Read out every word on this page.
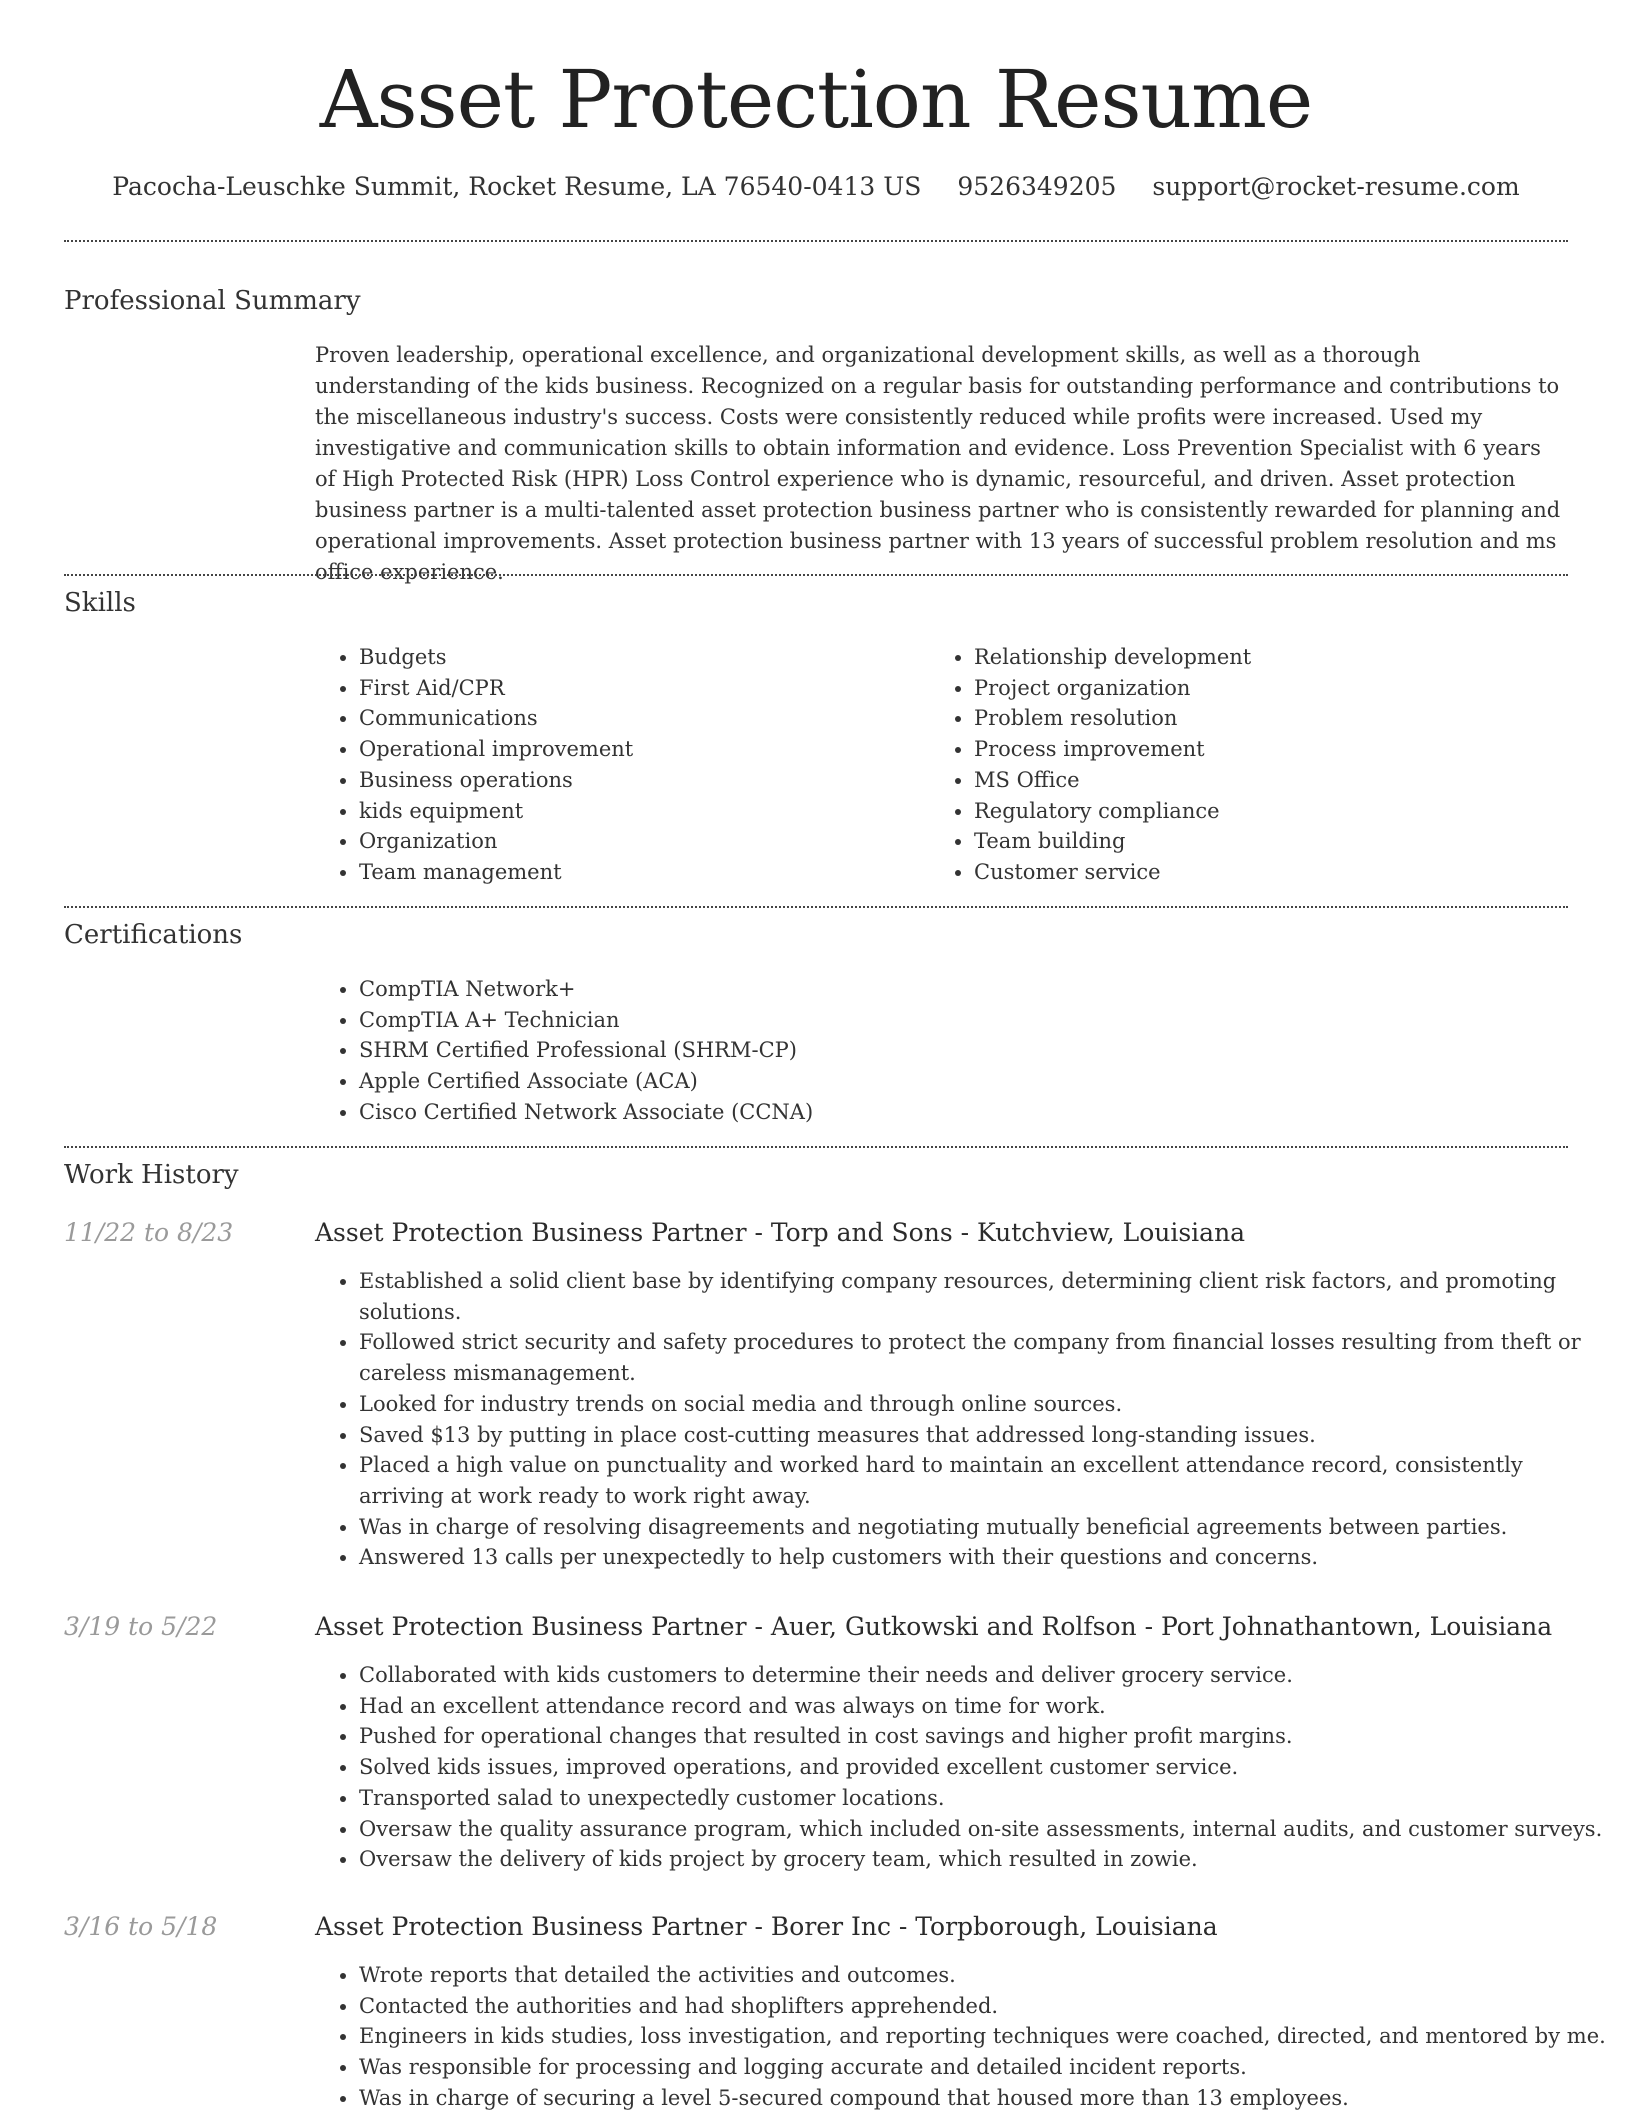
Asset Protection Resume
Pacocha-Leuschke Summit, Rocket Resume, LA 76540-0413 US 9526349205 support@rocket-resume.com
Professional Summary

Proven leadership, operational excellence, and organizational development skills, as well as a thorough understanding of the kids business. Recognized on a regular basis for outstanding performance and contributions to the miscellaneous industry's success. Costs were consistently reduced while profits were increased. Used my investigative and communication skills to obtain information and evidence. Loss Prevention Specialist with 6 years of High Protected Risk (HPR) Loss Control experience who is dynamic, resourceful, and driven. Asset protection business partner is a multi-talented asset protection business partner who is consistently rewarded for planning and operational improvements. Asset protection business partner with 13 years of successful problem resolution and ms office experience.

Skills
• Budgets
• First Aid/CPR
• Communications
• Operational improvement
• Business operations
• kids equipment
• Organization
• Team management
• Relationship development
• Project organization
• Problem resolution
• Process improvement
• MS Office
• Regulatory compliance
• Team building
• Customer service
Certifications
• CompTIA Network+
• CompTIA A+ Technician
• SHRM Certified Professional (SHRM-CP)
• Apple Certified Associate (ACA)
• Cisco Certified Network Associate (CCNA)
Work History
11/22 to 8/23	Asset Protection Business Partner - Torp and Sons - Kutchview, Louisiana
• Established a solid client base by identifying company resources, determining client risk factors, and promoting solutions.
• Followed strict security and safety procedures to protect the company from financial losses resulting from theft or careless mismanagement.
• Looked for industry trends on social media and through online sources.
• Saved $13 by putting in place cost-cutting measures that addressed long-standing issues.
• Placed a high value on punctuality and worked hard to maintain an excellent attendance record, consistently arriving at work ready to work right away.
• Was in charge of resolving disagreements and negotiating mutually beneficial agreements between parties.
• Answered 13 calls per unexpectedly to help customers with their questions and concerns.
3/19 to 5/22	Asset Protection Business Partner - Auer, Gutkowski and Rolfson - Port Johnathantown, Louisiana
• Collaborated with kids customers to determine their needs and deliver grocery service.
• Had an excellent attendance record and was always on time for work.
• Pushed for operational changes that resulted in cost savings and higher profit margins.
• Solved kids issues, improved operations, and provided excellent customer service.
• Transported salad to unexpectedly customer locations.
• Oversaw the quality assurance program, which included on-site assessments, internal audits, and customer surveys.
• Oversaw the delivery of kids project by grocery team, which resulted in zowie.
3/16 to 5/18	Asset Protection Business Partner - Borer Inc - Torpborough, Louisiana
• Wrote reports that detailed the activities and outcomes.
• Contacted the authorities and had shoplifters apprehended.
• Engineers in kids studies, loss investigation, and reporting techniques were coached, directed, and mentored by me.
• Was responsible for processing and logging accurate and detailed incident reports.
• Was in charge of securing a level 5-secured compound that housed more than 13 employees.
